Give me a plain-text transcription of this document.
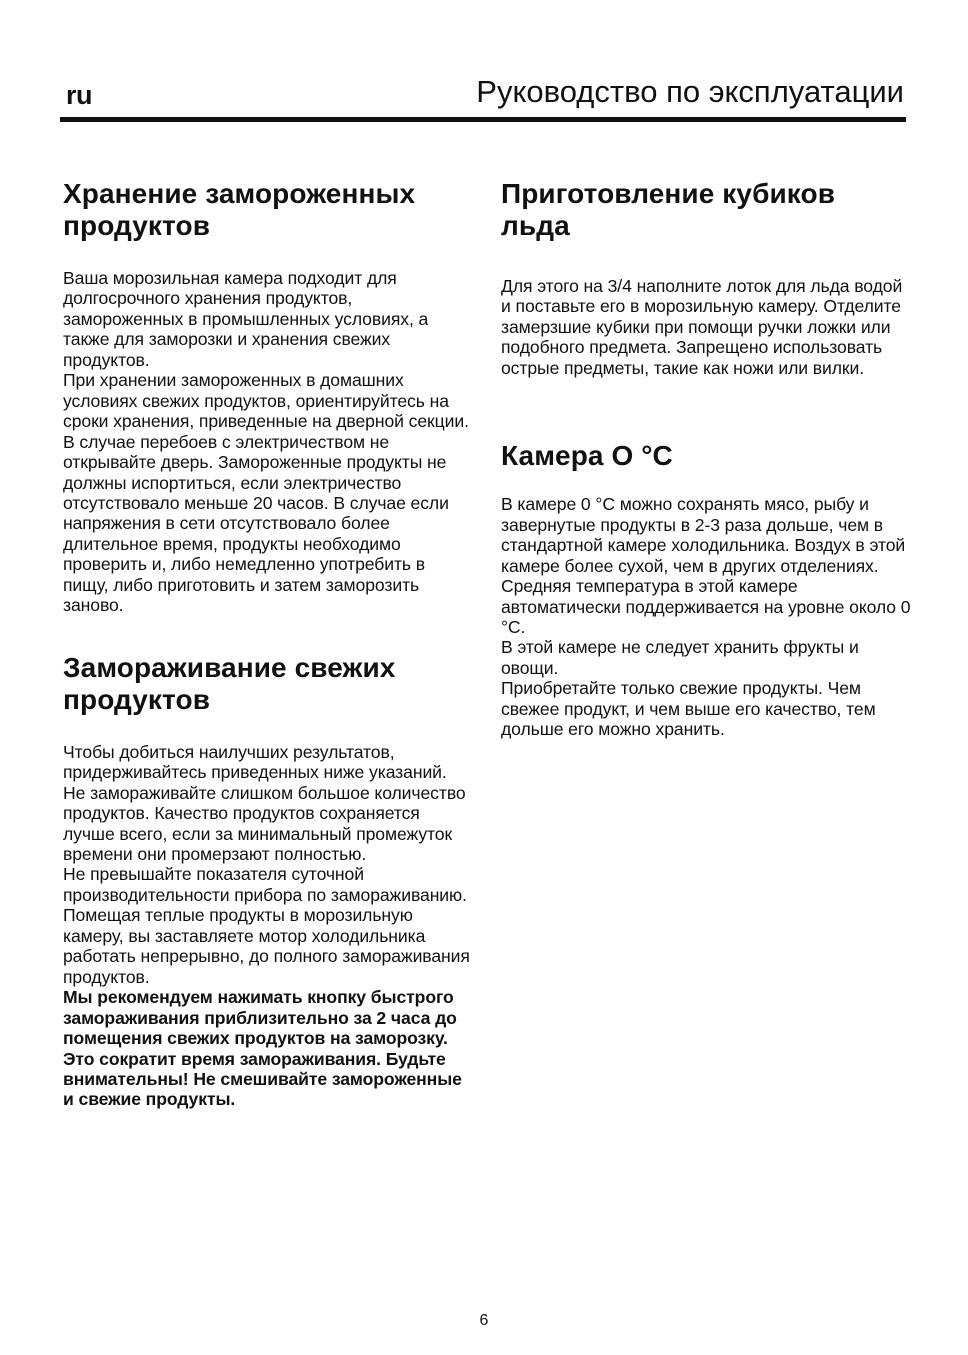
ru	Руководство по эксплуатации
Хранение замороженных продуктов

Ваша морозильная камера подходит для долгосрочного хранения продуктов, замороженных в промышленных условиях, а также для заморозки и хранения свежих продуктов.

При хранении замороженных в домашних условиях свежих продуктов, ориентируйтесь на сроки хранения, приведенные на дверной секции.

В случае перебоев с электричеством не открывайте дверь. Замороженные продукты не должны испортиться, если электричество отсутствовало меньше 20 часов. В случае если напряжения в сети отсутствовало более длительное время, продукты необходимо проверить и, либо немедленно употребить в пищу, либо приготовить и затем заморозить заново.

Замораживание свежих продуктов

Чтобы добиться наилучших результатов, придерживайтесь приведенных ниже указаний.

Не замораживайте слишком большое количество продуктов. Качество продуктов сохраняется лучше всего, если за минимальный промежуток времени они промерзают полностью.

Не превышайте показателя суточной производительности прибора по замораживанию.

Помещая теплые продукты в морозильную камеру, вы заставляете мотор холодильника работать непрерывно, до полного замораживания продуктов.

Мы рекомендуем нажимать кнопку быстрого замораживания приблизительно за 2 часа до помещения свежих продуктов на заморозку. Это сократит время замораживания. Будьте внимательны! Не смешивайте замороженные и свежие продукты.

Приготовление кубиков льда

Для этого на 3/4 наполните лоток для льда водой и поставьте его в морозильную камеру. Отделите замерзшие кубики при помощи ручки ложки или подобного предмета. Запрещено использовать острые предметы, такие как ножи или вилки.

Камера O °C

В камере 0 °С можно сохранять мясо, рыбу и завернутые продукты в 2-3 раза дольше, чем в стандартной камере холодильника. Воздух в этой камере более сухой, чем в других отделениях.

Средняя температура в этой камере автоматически поддерживается на уровне около 0 °С.

В этой камере не следует хранить фрукты и овощи.

Приобретайте только свежие продукты. Чем свежее продукт, и чем выше его качество, тем дольше его можно хранить.

6
